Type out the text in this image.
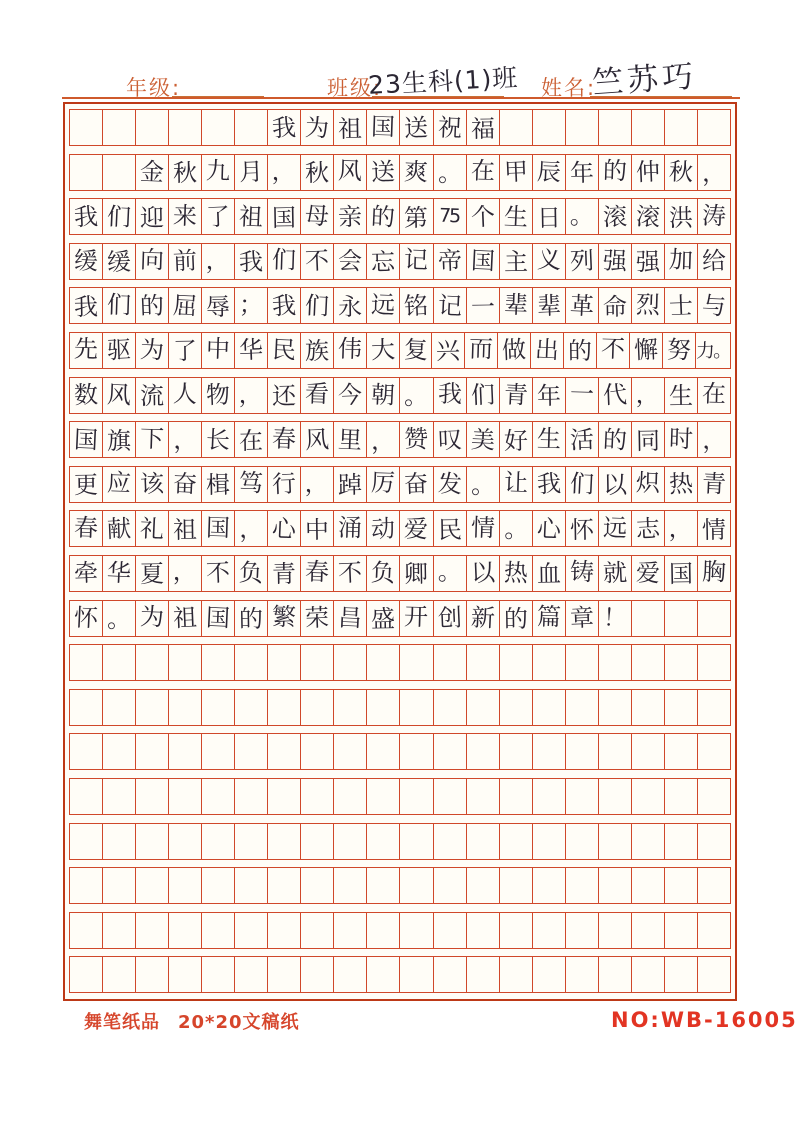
年级:	班级:
23生科(1)班 姓名:
竺苏巧
我 为 祖 国 送 祝 福
金 秋 九 月 ， 秋 风 送 爽 。 在 甲 辰 年 的 仲 秋 ，
我 们 迎 来 了 祖 国 母 亲 的 第 75 个 生 日 。 滚 滚 洪 涛
缓 缓 向 前 ， 我 们 不 会 忘 记 帝 国 主 义 列 强 强 加 给
我 们 的 屈 辱 ； 我 们 永 远 铭 记 一 辈 辈 革 命 烈 士 与
先 驱 为 了 中 华 民 族 伟 大 复 兴 而 做 出 的 不 懈 努 力。
数 风 流 人 物 ， 还 看 今 朝 。 我 们 青 年 一 代 ， 生 在
国 旗 下 ， 长 在 春 风 里 ， 赞 叹 美 好 生 活 的 同 时 ，
更 应 该 奋 楫 笃 行 ， 踔 厉 奋 发 。 让 我 们 以 炽 热 青
春 献 礼 祖 国 ， 心 中 涌 动 爱 民 情 。 心 怀 远 志 ， 情
牵 华 夏 ， 不 负 青 春 不 负 卿 。 以 热 血 铸 就 爱 国 胸
怀 。 为 祖 国 的 繁 荣 昌 盛 开 创 新 的 篇 章 ！
舞笔纸品 20*20文稿纸	NO:WB-16005
